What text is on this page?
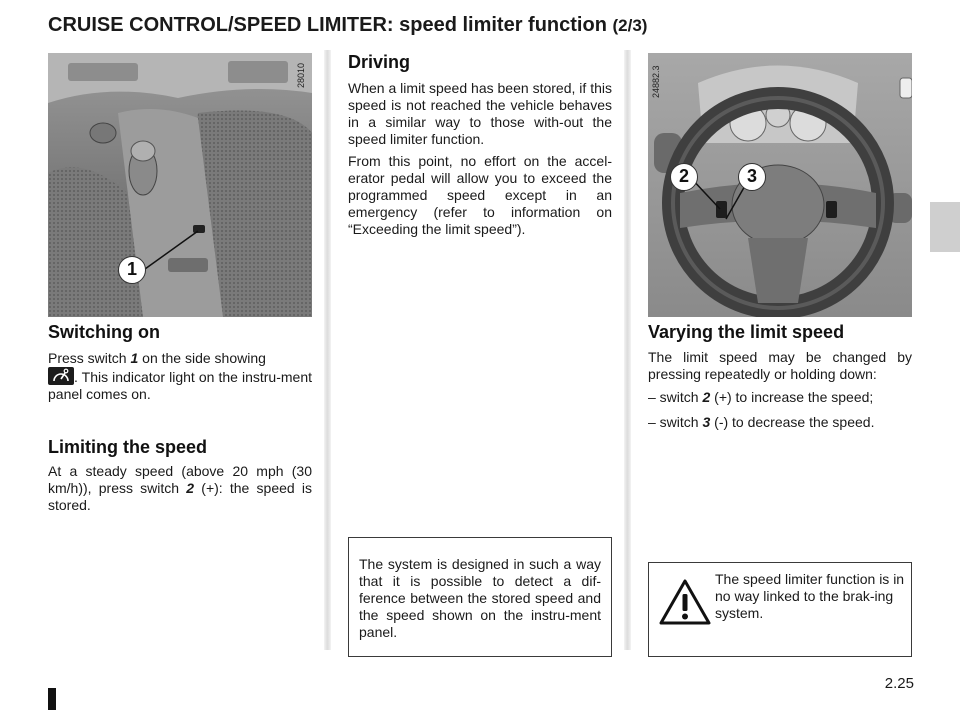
CRUISE CONTROL/SPEED LIMITER: speed limiter function (2/3)
28010
1
Switching on
Press switch 1 on the side showing

. This indicator light on the instru-ment panel comes on.
Limiting the speed
At a steady speed (above 20 mph (30 km/h)), press switch 2 (+): the speed is stored.
Driving
When a limit speed has been stored, if this speed is not reached the vehicle behaves in a similar way to those with-out the speed limiter function.
From this point, no effort on the accel-erator pedal will allow you to exceed the programmed speed except in an emergency (refer to information on “Exceeding the limit speed”).
The system is designed in such a way that it is possible to detect a dif-ference between the stored speed and the speed shown on the instru-ment panel.
24882.3
2	3
Varying the limit speed
The limit speed may be changed by pressing repeatedly or holding down:
– switch 2 (+) to increase the speed;
– switch 3 (-) to decrease the speed.
The speed limiter function is in no way linked to the brak-ing system.
2.25
